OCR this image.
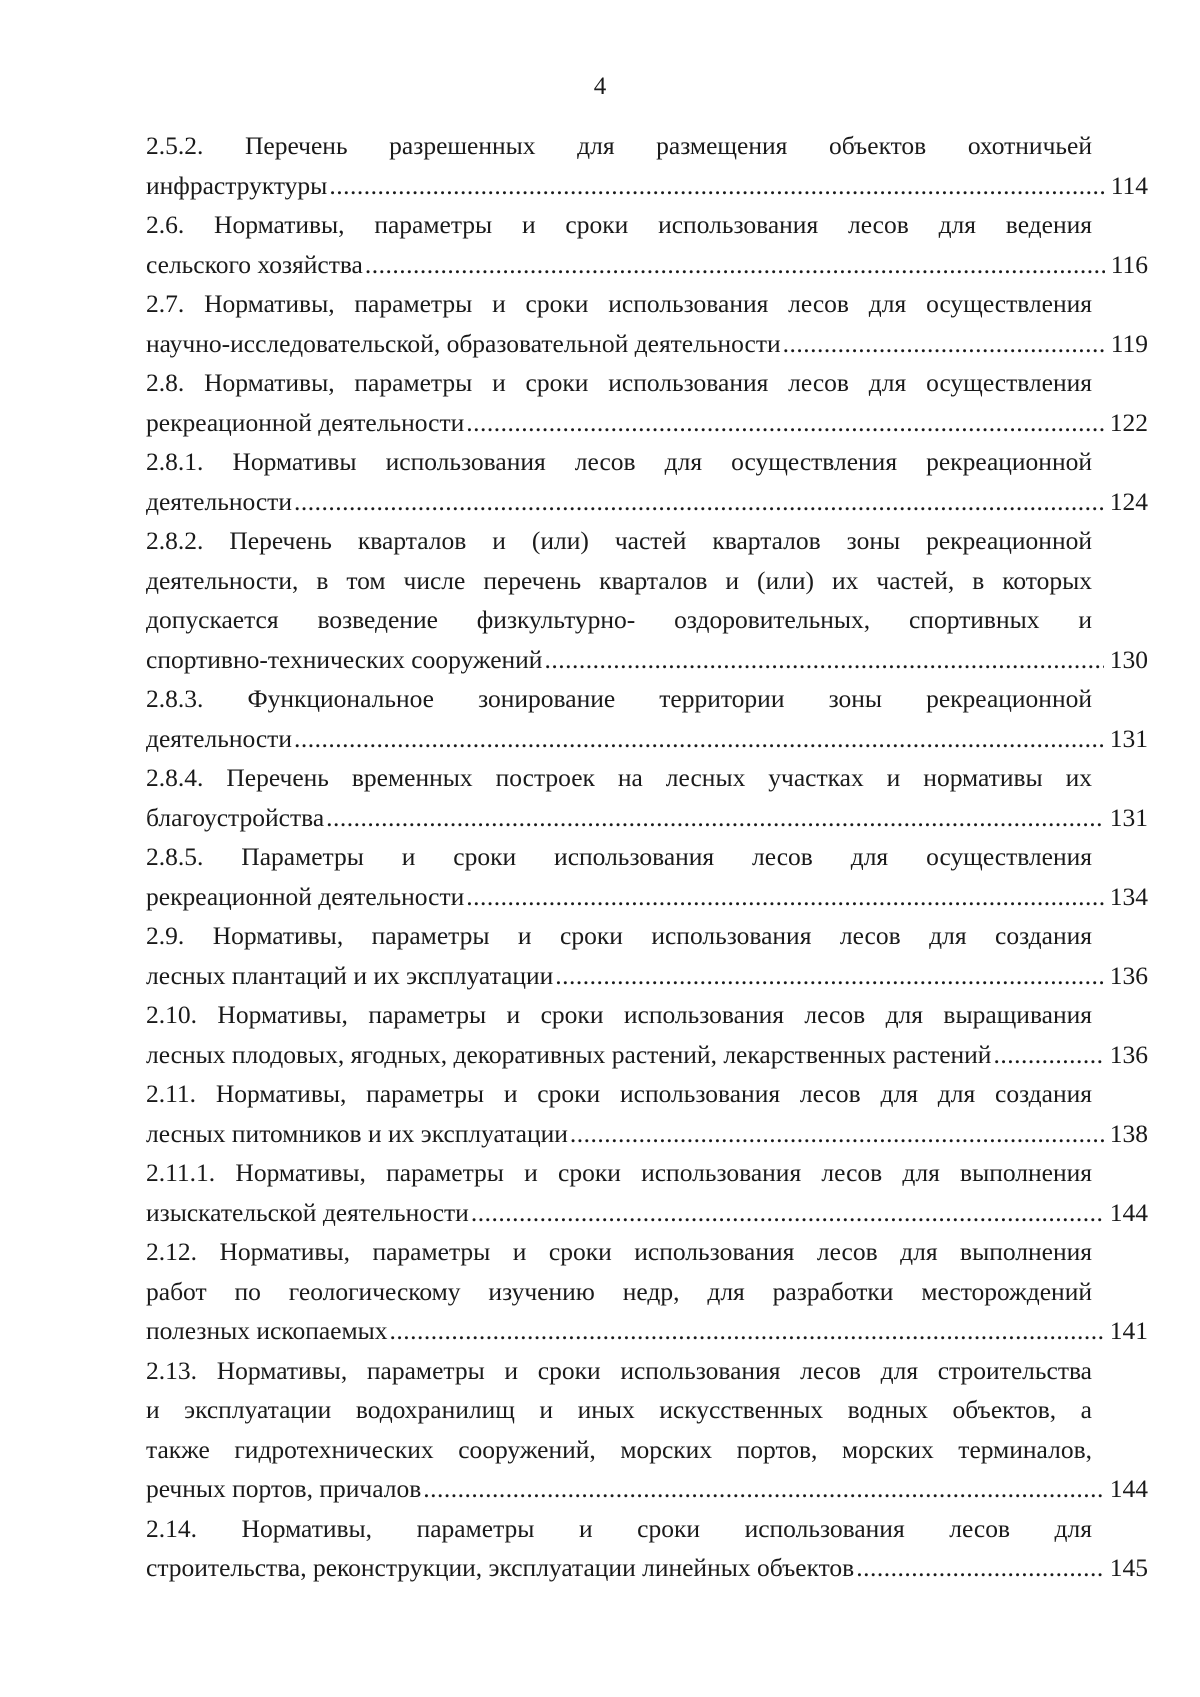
4
2.5.2. Перечень разрешенных для размещения объектов охотничьей
инфраструктуры .....	114
2.6. Нормативы, параметры и сроки использования лесов для ведения
сельского хозяйства .....	116
2.7. Нормативы, параметры и сроки использования лесов для осуществления
научно-исследовательской, образовательной деятельности .....	119
2.8. Нормативы, параметры и сроки использования лесов для осуществления
рекреационной деятельности .....	122
2.8.1. Нормативы использования лесов для осуществления рекреационной
деятельности .....	124
2.8.2. Перечень кварталов и (или) частей кварталов зоны рекреационной
деятельности, в том числе перечень кварталов и (или) их частей, в которых
допускается возведение физкультурно- оздоровительных, спортивных и
спортивно-технических сооружений .....	130
2.8.3. Функциональное зонирование территории зоны рекреационной
деятельности .....	131
2.8.4. Перечень временных построек на лесных участках и нормативы их
благоустройства .....	131
2.8.5. Параметры и сроки использования лесов для осуществления
рекреационной деятельности .....	134
2.9. Нормативы, параметры и сроки использования лесов для создания
лесных плантаций и их эксплуатации .....	136
2.10. Нормативы, параметры и сроки использования лесов для выращивания
лесных плодовых, ягодных, декоративных растений, лекарственных растений .....	136
2.11. Нормативы, параметры и сроки использования лесов для для создания
лесных питомников и их эксплуатации .....	138
2.11.1. Нормативы, параметры и сроки использования лесов для выполнения
изыскательской деятельности .....	144
2.12. Нормативы, параметры и сроки использования лесов для выполнения
работ по геологическому изучению недр, для разработки месторождений
полезных ископаемых .....	141
2.13. Нормативы, параметры и сроки использования лесов для строительства
и эксплуатации водохранилищ и иных искусственных водных объектов, а
также гидротехнических сооружений, морских портов, морских терминалов,
речных портов, причалов .....	144
2.14. Нормативы, параметры и сроки использования лесов для
строительства, реконструкции, эксплуатации линейных объектов .....	145
